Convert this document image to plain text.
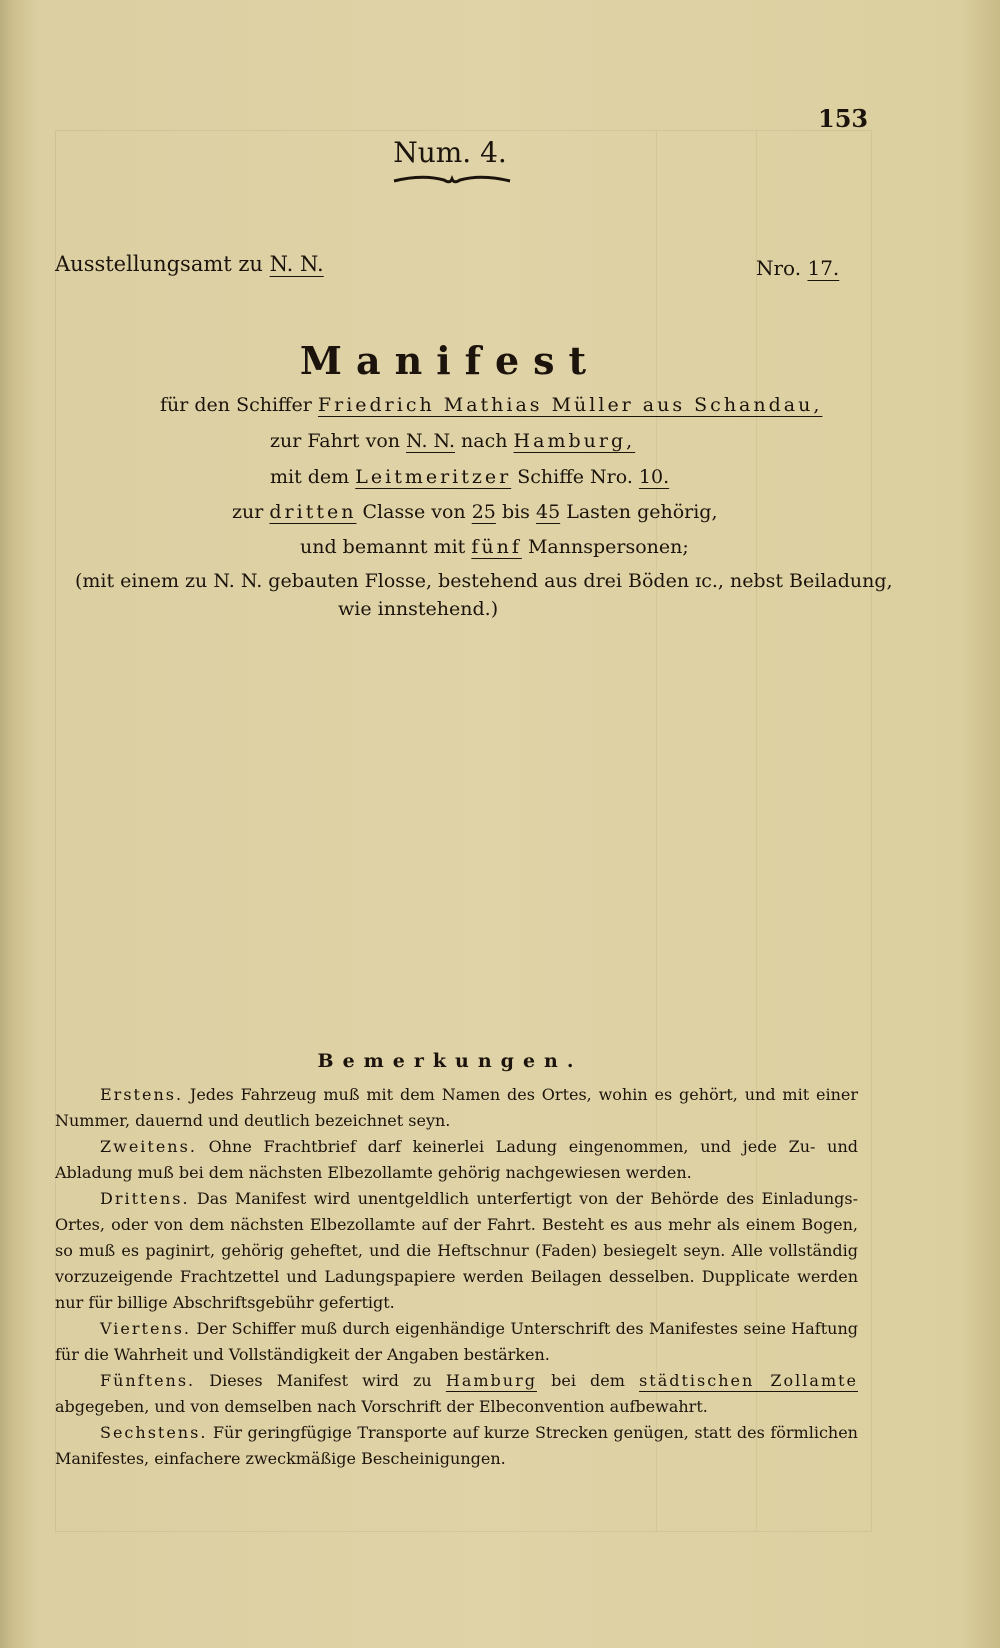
153
Num. 4.
Ausstellungsamt zu N. N.	Nro. 17.
Manifest
für den Schiffer Friedrich Mathias Müller aus Schandau,
zur Fahrt von N. N. nach Hamburg,
mit dem Leitmeritzer Schiffe Nro. 10.
zur dritten Classe von 25 bis 45 Lasten gehörig,
und bemannt mit fünf Mannspersonen;
(mit einem zu N. N. gebauten Flosse, bestehend aus drei Böden ɪc., nebst Beiladung,
wie innstehend.)
Bemerkungen.

Erstens. Jedes Fahrzeug muß mit dem Namen des Ortes, wohin es gehört, und mit einer Nummer, dauernd und deutlich bezeichnet seyn.

Zweitens. Ohne Frachtbrief darf keinerlei Ladung eingenommen, und jede Zu- und Abladung muß bei dem nächsten Elbezollamte gehörig nachgewiesen werden.

Drittens. Das Manifest wird unentgeldlich unterfertigt von der Behörde des Einladungs-Ortes, oder von dem nächsten Elbezollamte auf der Fahrt. Besteht es aus mehr als einem Bogen, so muß es paginirt, gehörig geheftet, und die Heftschnur (Faden) besiegelt seyn. Alle vollständig vorzuzeigende Frachtzettel und Ladungspapiere werden Beilagen desselben. Dupplicate werden nur für billige Abschriftsgebühr gefertigt.

Viertens. Der Schiffer muß durch eigenhändige Unterschrift des Manifestes seine Haftung für die Wahrheit und Vollständigkeit der Angaben bestärken.

Fünftens. Dieses Manifest wird zu Hamburg bei dem städtischen Zollamte abgegeben, und von demselben nach Vorschrift der Elbeconvention aufbewahrt.

Sechstens. Für geringfügige Transporte auf kurze Strecken genügen, statt des förmlichen Manifestes, einfachere zweckmäßige Bescheinigungen.
